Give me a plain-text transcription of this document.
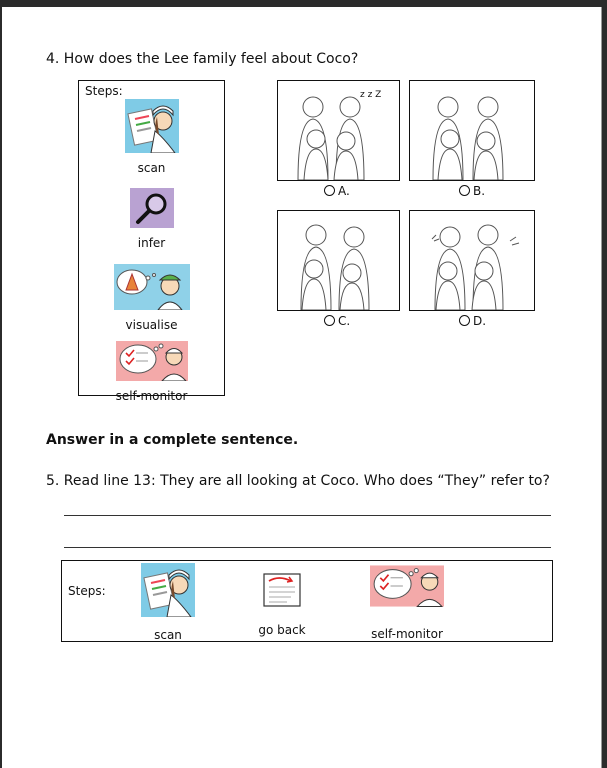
4. How does the Lee family feel about Coco?
Steps:
scan
infer
visualise
self-monitor
z z Z
A.	B.
C.	D.
Answer in a complete sentence.
5. Read line 13: They are all looking at Coco. Who does “They” refer to?
Steps:
scan	go back	self-monitor
